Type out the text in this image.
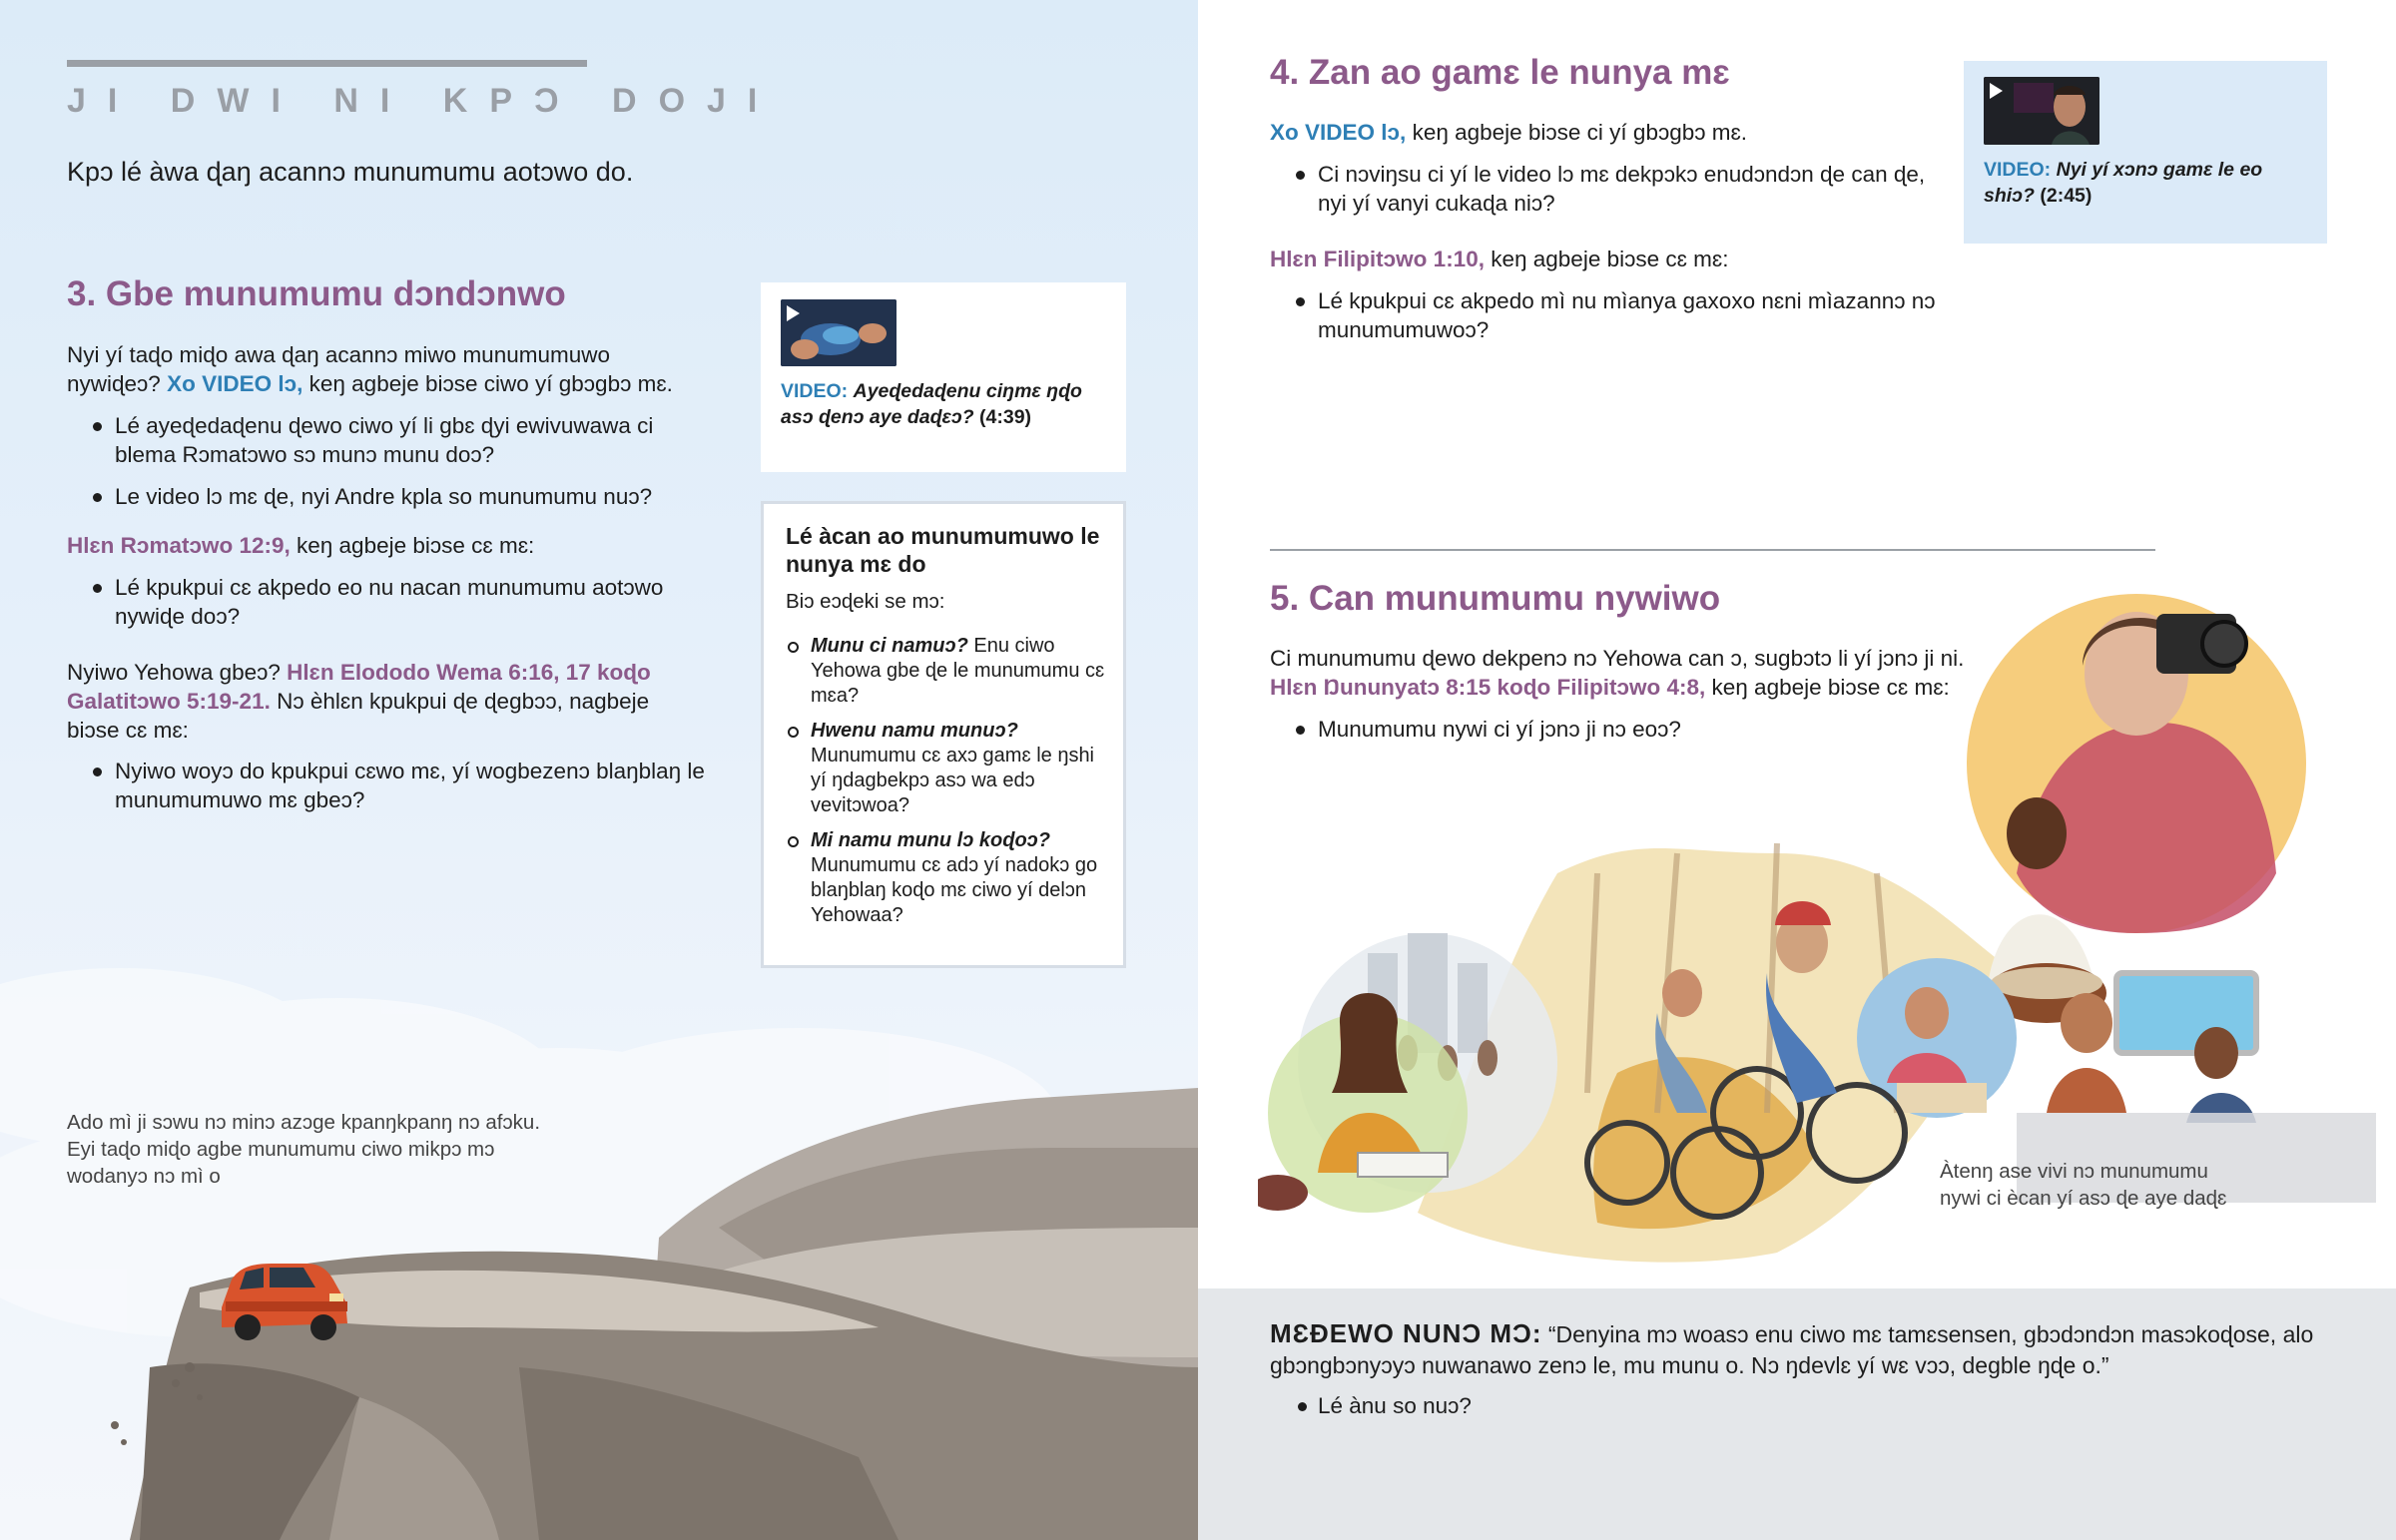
JI DWI NI KPƆ DOJI
Kpɔ lé àwa ɖaŋ acannɔ munumumu aotɔwo do.
3. Gbe munumumu dɔndɔnwo
Nyi yí taɖo miɖo awa ɖaŋ acannɔ miwo munumumuwo nywiɖeɔ? Xo VIDEO lɔ, keŋ agbeje biɔse ciwo yí gbɔgbɔ mɛ.
Lé ayeɖedaɖenu ɖewo ciwo yí li gbɛ ɖyi ewivuwawa ci blema Rɔmatɔwo sɔ munɔ munu doɔ?
Le video lɔ mɛ ɖe, nyi Andre kpla so munumumu nuɔ?
Hlɛn Rɔmatɔwo 12:9, keŋ agbeje biɔse cɛ mɛ:
Lé kpukpui cɛ akpedo eo nu nacan munumumu aotɔwo nywiɖe doɔ?
Nyiwo Yehowa gbeɔ? Hlɛn Elododo Wema 6:16, 17 koɖo Galatitɔwo 5:19-21. Nɔ èhlɛn kpukpui ɖe ɖegbɔɔ, nagbeje biɔse cɛ mɛ:
Nyiwo woyɔ do kpukpui cɛwo mɛ, yí wogbezenɔ blaŋblaŋ le munumumuwo mɛ gbeɔ?
VIDEO: Ayeɖedaɖenu ciŋmɛ ŋɖo asɔ ɖenɔ aye daɖɛɔ? (4:39)
Lé àcan ao munumumuwo le nunya mɛ do
Biɔ eɔɖeki se mɔ:
Munu ci namuɔ? Enu ciwo Yehowa gbe ɖe le munumumu cɛ mɛa?
Hwenu namu munuɔ? Munumumu cɛ axɔ gamɛ le ŋshi yí ŋdagbekpɔ asɔ wa edɔ vevitɔwoa?
Mi namu munu lɔ koɖoɔ? Munumumu cɛ adɔ yí nadokɔ go blaŋblaŋ koɖo mɛ ciwo yí delɔn Yehowaa?
Ado mì ji sɔwu nɔ minɔ azɔge kpanŋkpanŋ nɔ afɔku. Eyi taɖo miɖo agbe munumumu ciwo mikpɔ mɔ wodanyɔ nɔ mì o
4. Zan ao gamɛ le nunya mɛ
Xo VIDEO lɔ, keŋ agbeje biɔse ci yí gbɔgbɔ mɛ.
Ci nɔviŋsu ci yí le video lɔ mɛ dekpɔkɔ enudɔndɔn ɖe can ɖe, nyi yí vanyi cukaɖa niɔ?
Hlɛn Filipitɔwo 1:10, keŋ agbeje biɔse cɛ mɛ:
Lé kpukpui cɛ akpedo mì nu mìanya gaxoxo nɛni mìazannɔ nɔ munumumuwoɔ?
VIDEO: Nyi yí xɔnɔ gamɛ le eo shiɔ? (2:45)
5. Can munumumu nywiwo
Ci munumumu ɖewo dekpenɔ nɔ Yehowa can ɔ, sugbɔtɔ li yí jɔnɔ ji ni.
Hlɛn Ŋununyatɔ 8:15 koɖo Filipitɔwo 4:8, keŋ agbeje biɔse cɛ mɛ:
Munumumu nywi ci yí jɔnɔ ji nɔ eoɔ?
Àtenŋ ase vivi nɔ munumumu nywi ci ècan yí asɔ ɖe aye daɖɛ
MƐƉEWO NUNƆ MƆ: “Denyina mɔ woasɔ enu ciwo mɛ tamɛsensen, gbɔdɔndɔn masɔkoɖose, alo gbɔngbɔnyɔyɔ nuwanawo zenɔ le, mu munu o. Nɔ ŋdevlɛ yí wɛ vɔɔ, degble ŋɖe o.”
Lé ànu so nuɔ?
